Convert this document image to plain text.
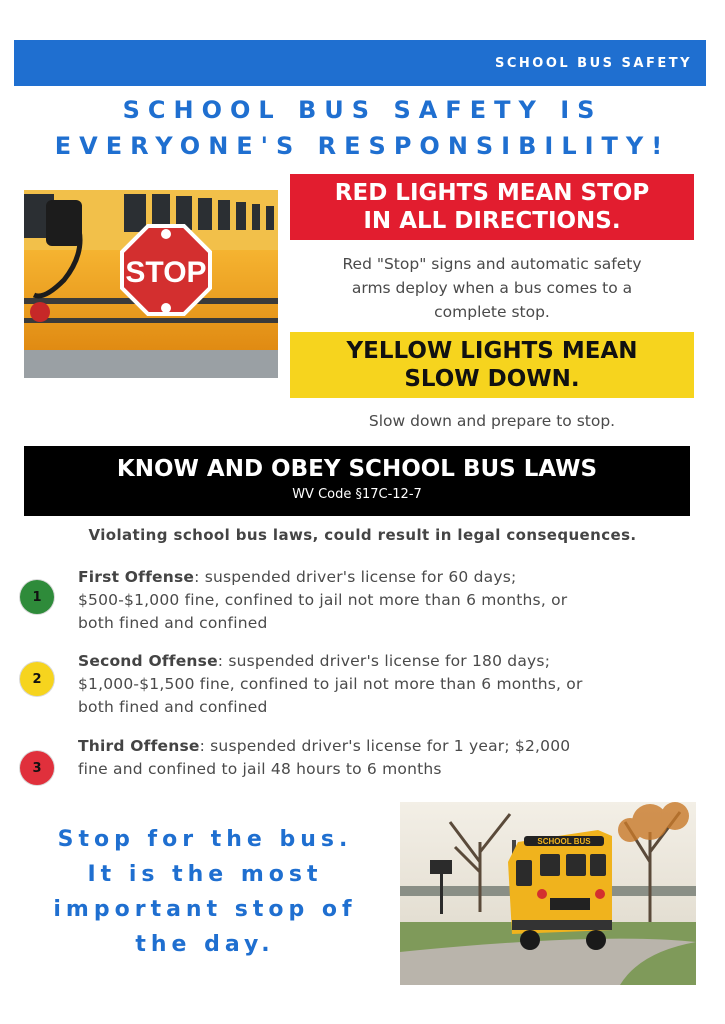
SCHOOL BUS SAFETY
SCHOOL BUS SAFETY IS
EVERYONE'S RESPONSIBILITY!
STOP
RED LIGHTS MEAN STOP
IN ALL DIRECTIONS.
Red "Stop" signs and automatic safety
arms deploy when a bus comes to a
complete stop.
YELLOW LIGHTS MEAN
SLOW DOWN.
Slow down and prepare to stop.
KNOW AND OBEY SCHOOL BUS LAWS
WV Code §17C-12-7
Violating school bus laws, could result in legal consequences.
1
First Offense: suspended driver's license for 60 days;
$500-$1,000 fine, confined to jail not more than 6 months, or
both fined and confined
2
Second Offense: suspended driver's license for 180 days;
$1,000-$1,500 fine, confined to jail not more than 6 months, or
both fined and confined
3
Third Offense: suspended driver's license for 1 year; $2,000
fine and confined to jail 48 hours to 6 months
Stop for the bus.
It is the most
important stop of
the day.
SCHOOL BUS
